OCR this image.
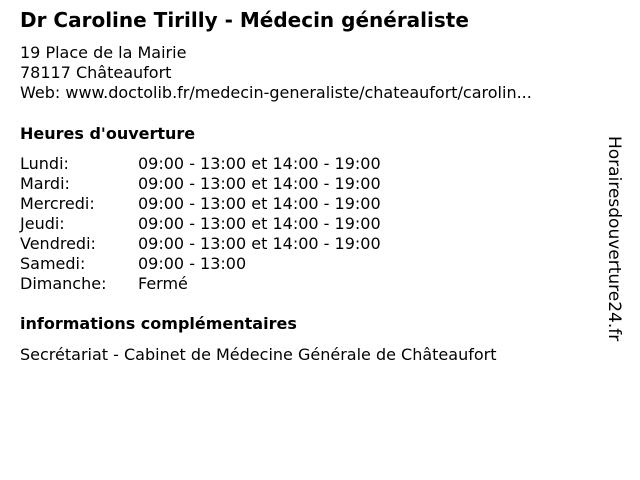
Dr Caroline Tirilly - Médecin généraliste
19 Place de la Mairie
78117 Châteaufort
Web: www.doctolib.fr/medecin-generaliste/chateaufort/carolin...
Heures d'ouverture
Lundi:	09:00 - 13:00 et 14:00 - 19:00
Mardi:	09:00 - 13:00 et 14:00 - 19:00
Mercredi:	09:00 - 13:00 et 14:00 - 19:00
Jeudi:	09:00 - 13:00 et 14:00 - 19:00
Vendredi:	09:00 - 13:00 et 14:00 - 19:00
Samedi:	09:00 - 13:00
Dimanche: Fermé
informations complémentaires
Secrétariat - Cabinet de Médecine Générale de Châteaufort
Horairesdouverture24.fr
